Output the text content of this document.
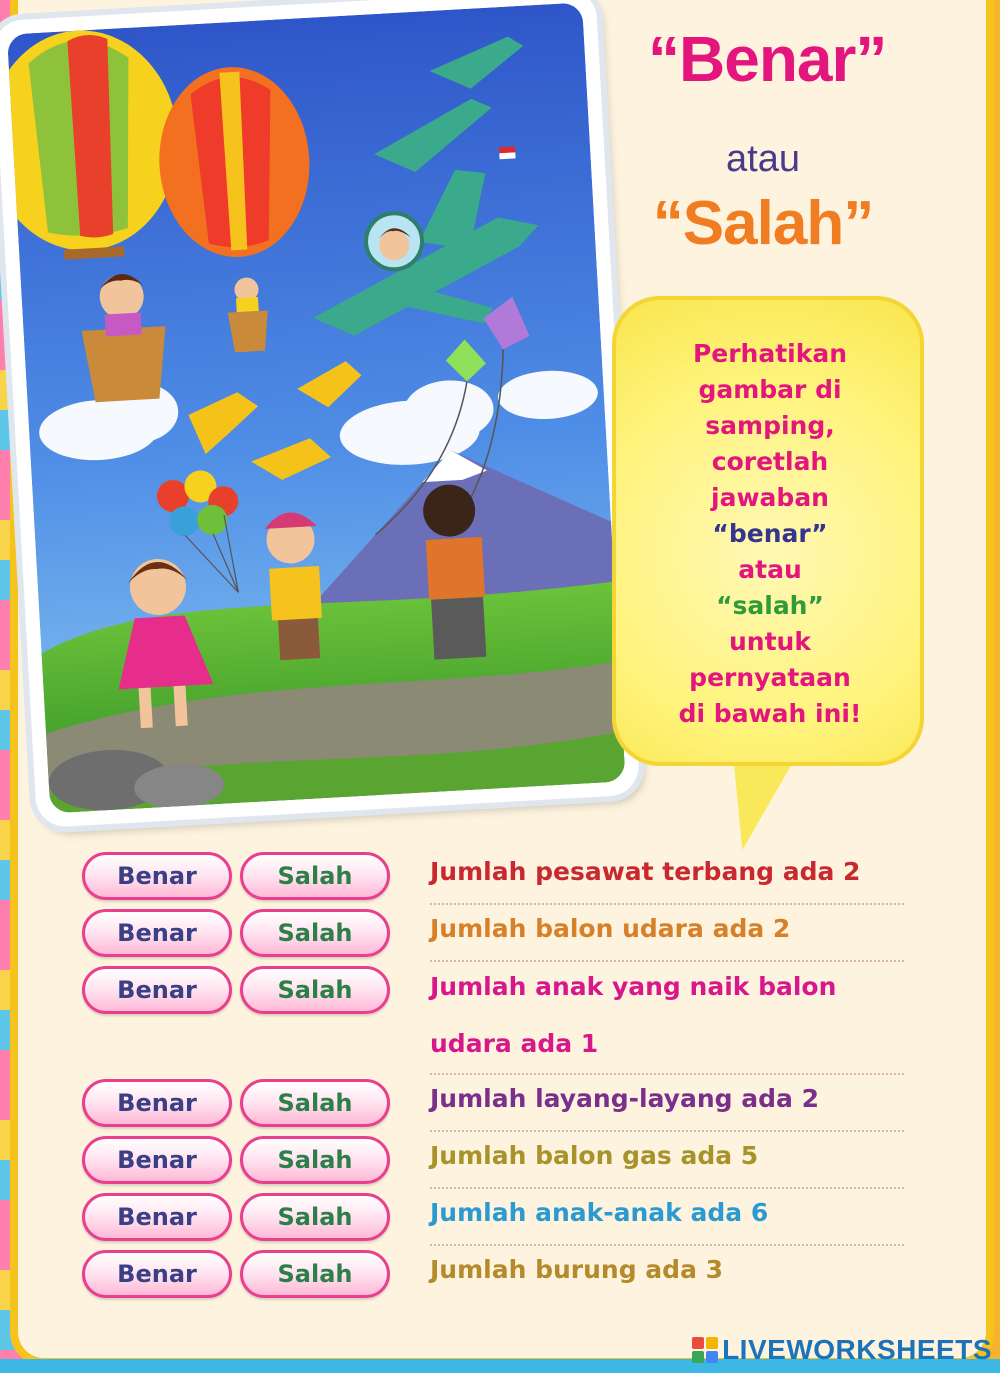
“Benar”
atau
“Salah”
Perhatikan
gambar di
samping,
coretlah
jawaban
“benar”
atau
“salah”
untuk
pernyataan
di bawah ini!
Benar	Salah	Jumlah pesawat terbang ada 2
Benar	Salah	Jumlah balon udara ada 2
Benar	Salah	Jumlah anak yang naik balon udara ada 1
Benar	Salah	Jumlah layang-layang ada 2
Benar	Salah	Jumlah balon gas ada 5
Benar	Salah	Jumlah anak-anak ada 6
Benar	Salah	Jumlah burung ada 3
LIVEWORKSHEETS
